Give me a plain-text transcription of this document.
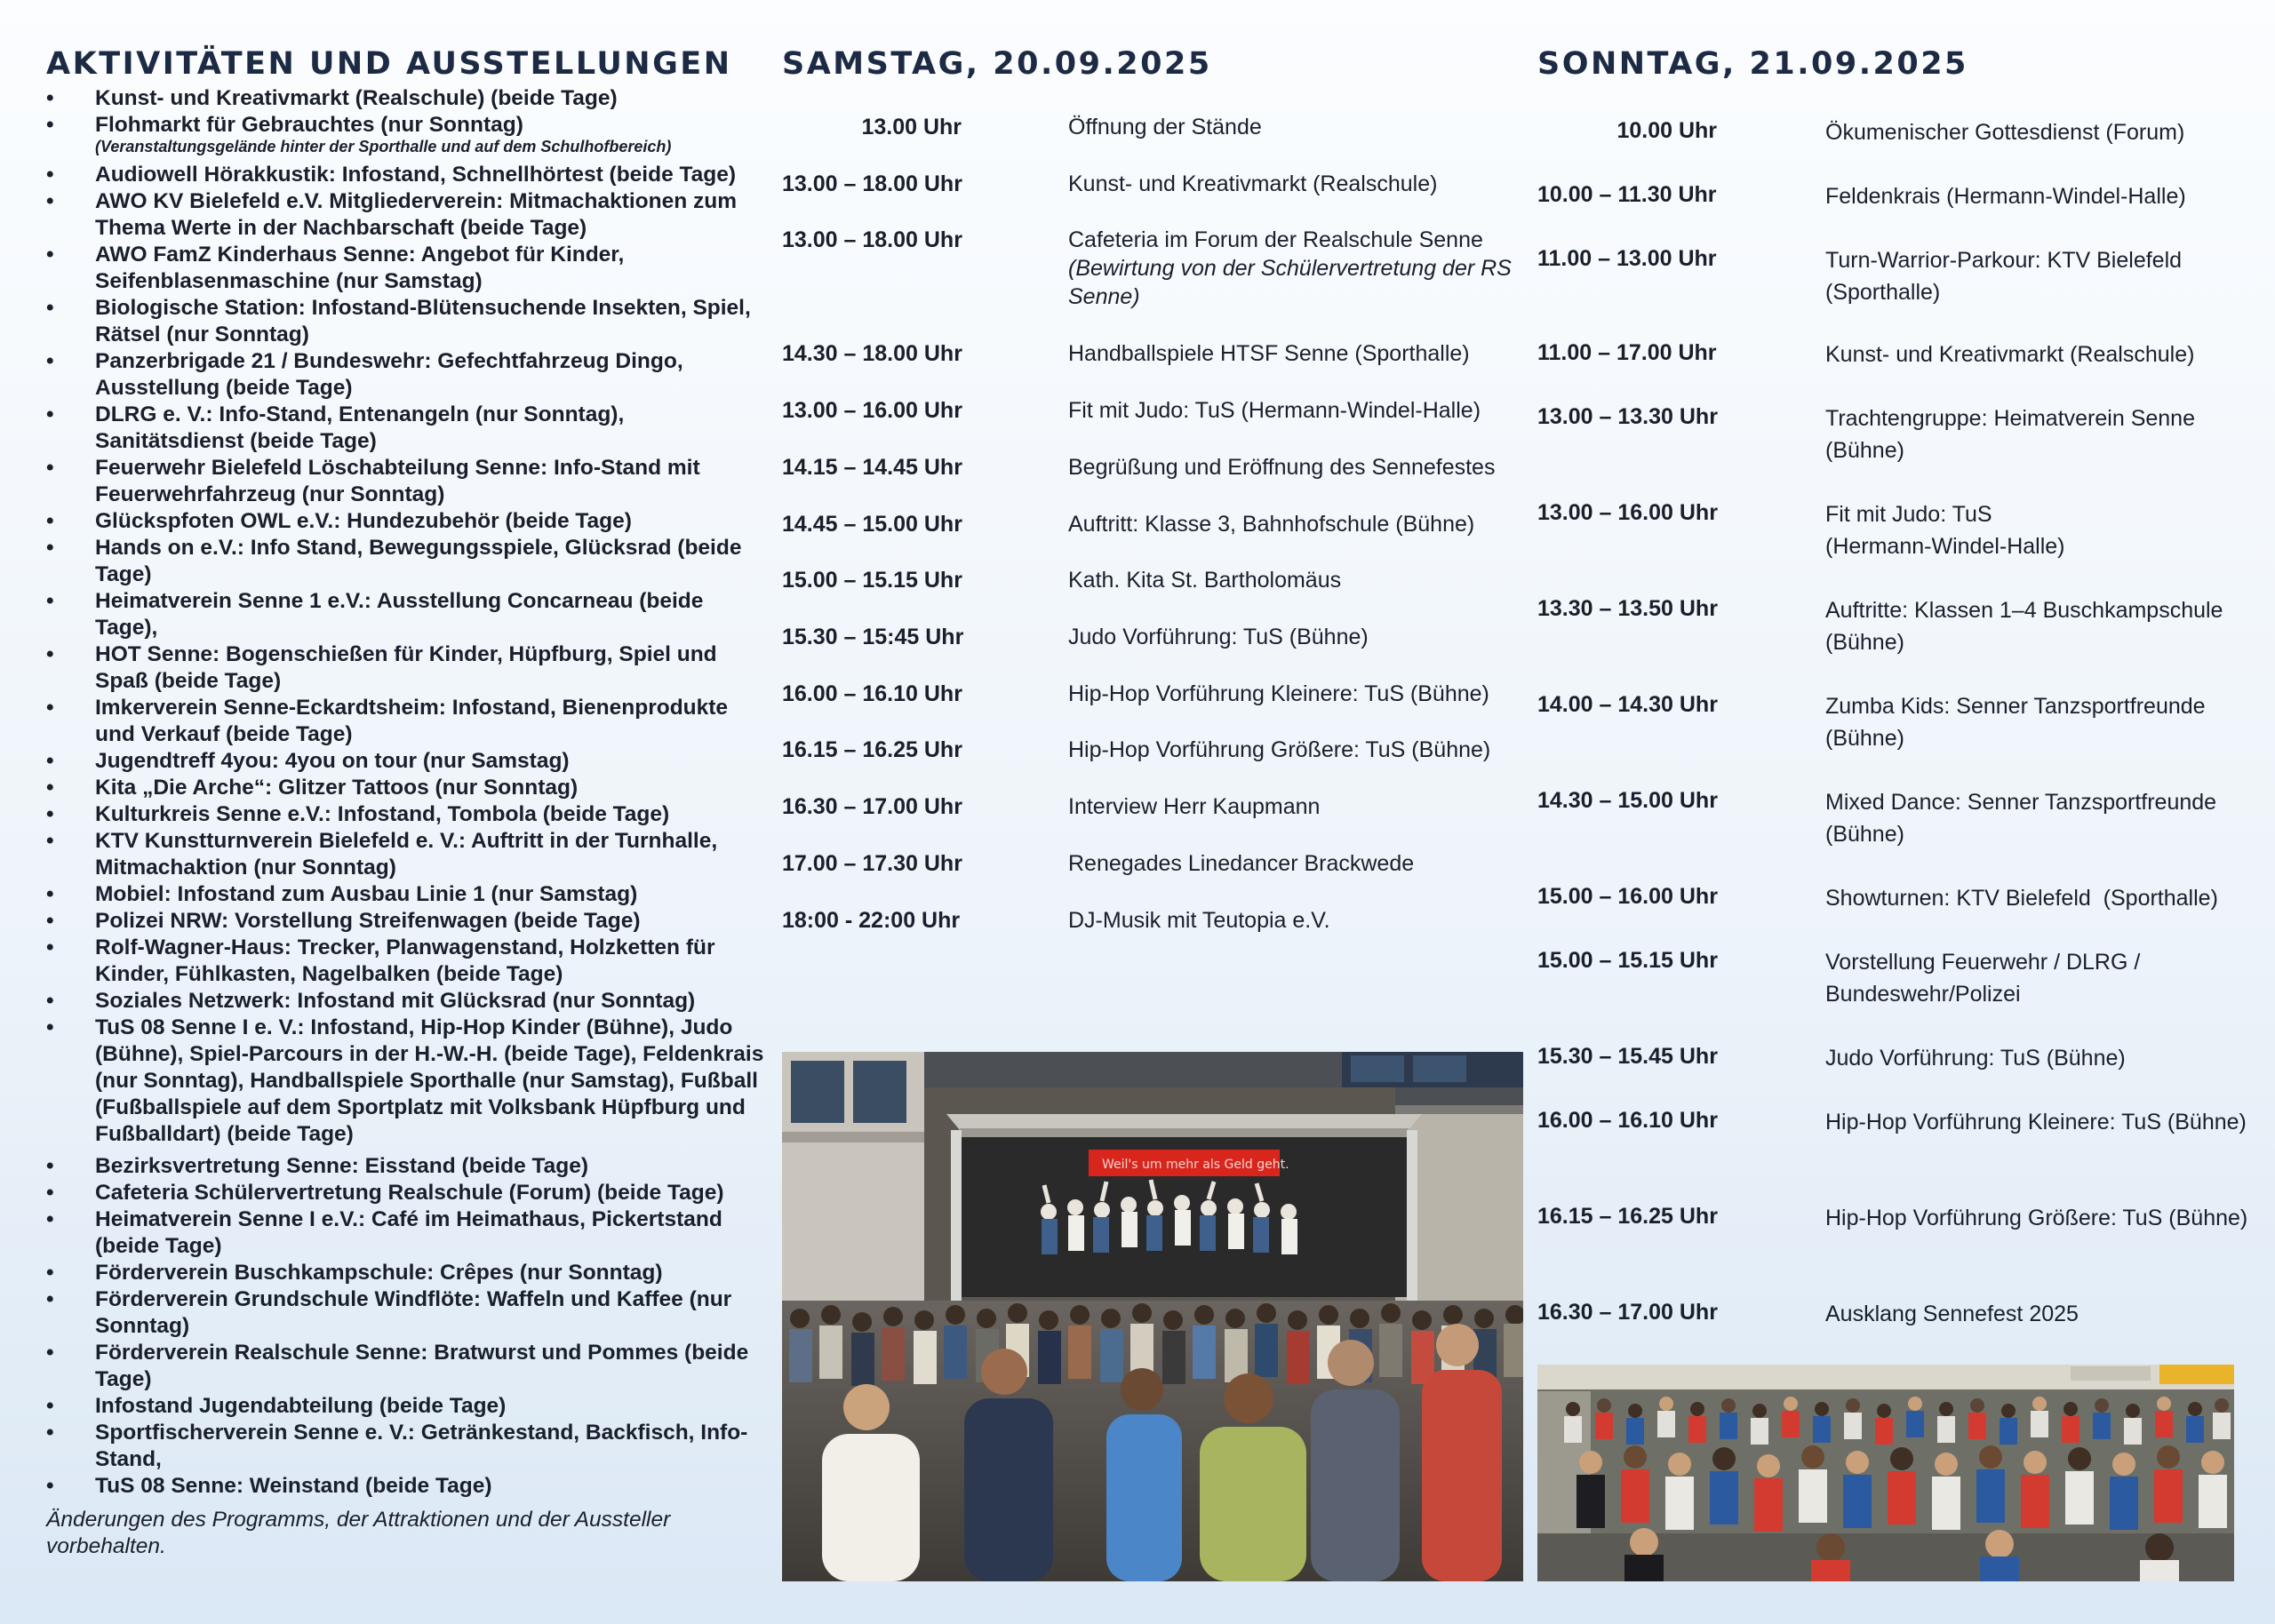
AKTIVITÄTEN UND AUSSTELLUNGEN SAMSTAG, 20.09.2025	SONNTAG, 21.09.2025
• Kunst- und Kreativmarkt (Realschule) (beide Tage)
• Flohmarkt für Gebrauchtes (nur Sonntag)
(Veranstaltungsgelände hinter der Sporthalle und auf dem Schulhofbereich)
• Audiowell Hörakkustik: Infostand, Schnellhörtest (beide Tage)
• AWO KV Bielefeld e.V. Mitgliederverein: Mitmachaktionen zum Thema Werte in der Nachbarschaft (beide Tage)
• AWO FamZ Kinderhaus Senne: Angebot für Kinder, Seifenblasenmaschine (nur Samstag)
• Biologische Station: Infostand-Blütensuchende Insekten, Spiel, Rätsel (nur Sonntag)
• Panzerbrigade 21 / Bundeswehr: Gefechtfahrzeug Dingo, Ausstellung (beide Tage)
• DLRG e. V.: Info-Stand, Entenangeln (nur Sonntag), Sanitätsdienst (beide Tage)
• Feuerwehr Bielefeld Löschabteilung Senne: Info-Stand mit Feuerwehrfahrzeug (nur Sonntag)
• Glückspfoten OWL e.V.: Hundezubehör (beide Tage)
• Hands on e.V.: Info Stand, Bewegungsspiele, Glücksrad (beide Tage)
• Heimatverein Senne 1 e.V.: Ausstellung Concarneau (beide Tage),
• HOT Senne: Bogenschießen für Kinder, Hüpfburg, Spiel und Spaß (beide Tage)
• Imkerverein Senne-Eckardtsheim: Infostand, Bienenprodukte und Verkauf (beide Tage)
• Jugendtreff 4you: 4you on tour (nur Samstag)
• Kita „Die Arche“: Glitzer Tattoos (nur Sonntag)
• Kulturkreis Senne e.V.: Infostand, Tombola (beide Tage)
• KTV Kunstturnverein Bielefeld e. V.: Auftritt in der Turnhalle, Mitmachaktion (nur Sonntag)
• Mobiel: Infostand zum Ausbau Linie 1 (nur Samstag)
• Polizei NRW: Vorstellung Streifenwagen (beide Tage)
• Rolf-Wagner-Haus: Trecker, Planwagenstand, Holzketten für Kinder, Fühlkasten, Nagelbalken (beide Tage)
• Soziales Netzwerk: Infostand mit Glücksrad (nur Sonntag)
• TuS 08 Senne I e. V.: Infostand, Hip-Hop Kinder (Bühne), Judo (Bühne), Spiel-Parcours in der H.-W.-H. (beide Tage), Feldenkrais (nur Sonntag), Handballspiele Sporthalle (nur Samstag), Fußball (Fußballspiele auf dem Sportplatz mit Volksbank Hüpfburg und Fußballdart) (beide Tage)
• Bezirksvertretung Senne: Eisstand (beide Tage)
• Cafeteria Schülervertretung Realschule (Forum) (beide Tage)
• Heimatverein Senne I e.V.: Café im Heimathaus, Pickertstand (beide Tage)
• Förderverein Buschkampschule: Crêpes (nur Sonntag)
• Förderverein Grundschule Windflöte: Waffeln und Kaffee (nur Sonntag)
• Förderverein Realschule Senne: Bratwurst und Pommes (beide Tage)
• Infostand Jugendabteilung (beide Tage)
• Sportfischerverein Senne e. V.: Getränkestand, Backfisch, Info-Stand,
• TuS 08 Senne: Weinstand (beide Tage)

Änderungen des Programms, der Attraktionen und der Aussteller vorbehalten.

13.00 Uhr	Öffnung der Stände
13.00 – 18.00 Uhr	Kunst- und Kreativmarkt (Realschule)
13.00 – 18.00 Uhr	Cafeteria im Forum der Realschule Senne (Bewirtung von der Schülervertretung der RS Senne)
14.30 – 18.00 Uhr	Handballspiele HTSF Senne (Sporthalle)
13.00 – 16.00 Uhr	Fit mit Judo: TuS (Hermann-Windel-Halle)
14.15 – 14.45 Uhr	Begrüßung und Eröffnung des Sennefestes
14.45 – 15.00 Uhr	Auftritt: Klasse 3, Bahnhofschule (Bühne)
15.00 – 15.15 Uhr	Kath. Kita St. Bartholomäus
15.30 – 15:45 Uhr	Judo Vorführung: TuS (Bühne)
16.00 – 16.10 Uhr	Hip-Hop Vorführung Kleinere: TuS (Bühne)
16.15 – 16.25 Uhr	Hip-Hop Vorführung Größere: TuS (Bühne)
16.30 – 17.00 Uhr	Interview Herr Kaupmann
17.00 – 17.30 Uhr	Renegades Linedancer Brackwede
18:00 - 22:00 Uhr	DJ-Musik mit Teutopia e.V.
10.00 Uhr	Ökumenischer Gottesdienst (Forum)
10.00 – 11.30 Uhr	Feldenkrais (Hermann-Windel-Halle)
11.00 – 13.00 Uhr	Turn-Warrior-Parkour: KTV Bielefeld (Sporthalle)
11.00 – 17.00 Uhr	Kunst- und Kreativmarkt (Realschule)
13.00 – 13.30 Uhr	Trachtengruppe: Heimatverein Senne (Bühne)
13.00 – 16.00 Uhr	Fit mit Judo: TuS (Hermann-Windel-Halle)
13.30 – 13.50 Uhr	Auftritte: Klassen 1–4 Buschkampschule (Bühne)
14.00 – 14.30 Uhr	Zumba Kids: Senner Tanzsportfreunde (Bühne)
14.30 – 15.00 Uhr	Mixed Dance: Senner Tanzsportfreunde (Bühne)
15.00 – 16.00 Uhr	Showturnen: KTV Bielefeld  (Sporthalle)
15.00 – 15.15 Uhr	Vorstellung Feuerwehr / DLRG / Bundeswehr/Polizei
15.30 – 15.45 Uhr	Judo Vorführung: TuS (Bühne)
16.00 – 16.10 Uhr	Hip-Hop Vorführung Kleinere: TuS (Bühne)
16.15 – 16.25 Uhr	Hip-Hop Vorführung Größere: TuS (Bühne)
16.30 – 17.00 Uhr	Ausklang Sennefest 2025
Weil's um mehr als Geld geht.
